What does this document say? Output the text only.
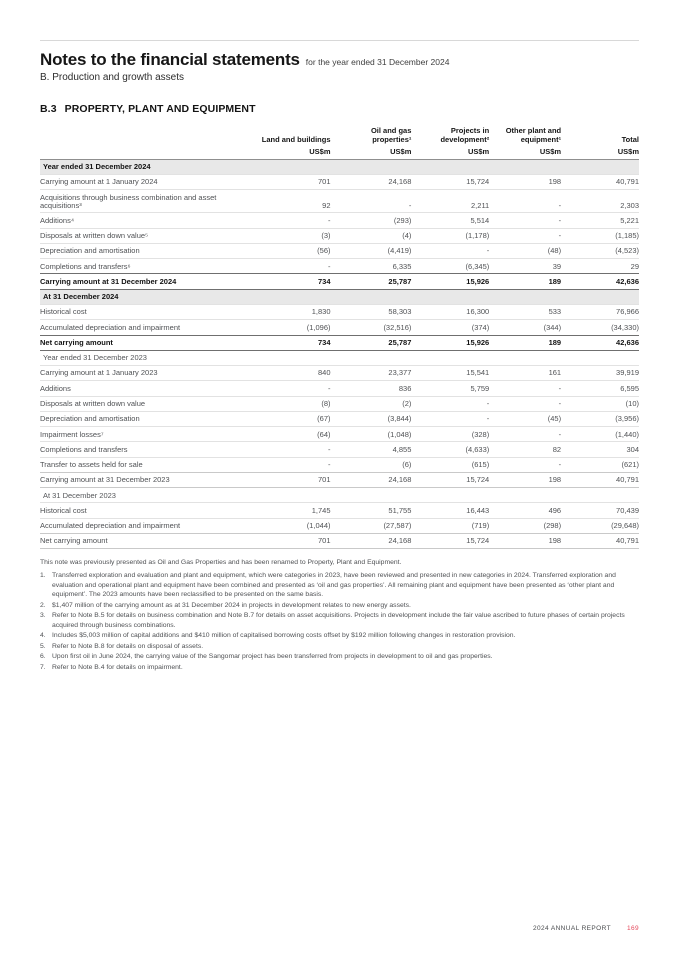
Notes to the financial statements for the year ended 31 December 2024
B. Production and growth assets
B.3 PROPERTY, PLANT AND EQUIPMENT
	Land and buildings	Oil and gas properties¹	Projects in development²	Other plant and equipment¹	Total
	US$m	US$m	US$m	US$m	US$m
Year ended 31 December 2024					
Carrying amount at 1 January 2024	701	24,168	15,724	198	40,791
Acquisitions through business combination and asset acquisitions³	92	-	2,211	-	2,303
Additions⁴	-	(293)	5,514	-	5,221
Disposals at written down value⁵	(3)	(4)	(1,178)	-	(1,185)
Depreciation and amortisation	(56)	(4,419)	-	(48)	(4,523)
Completions and transfers⁶	-	6,335	(6,345)	39	29
Carrying amount at 31 December 2024	734	25,787	15,926	189	42,636
At 31 December 2024					
Historical cost	1,830	58,303	16,300	533	76,966
Accumulated depreciation and impairment	(1,096)	(32,516)	(374)	(344)	(34,330)
Net carrying amount	734	25,787	15,926	189	42,636
Year ended 31 December 2023					
Carrying amount at 1 January 2023	840	23,377	15,541	161	39,919
Additions	-	836	5,759	-	6,595
Disposals at written down value	(8)	(2)	-	-	(10)
Depreciation and amortisation	(67)	(3,844)	-	(45)	(3,956)
Impairment losses⁷	(64)	(1,048)	(328)	-	(1,440)
Completions and transfers	-	4,855	(4,633)	82	304
Transfer to assets held for sale	-	(6)	(615)	-	(621)
Carrying amount at 31 December 2023	701	24,168	15,724	198	40,791
At 31 December 2023					
Historical cost	1,745	51,755	16,443	496	70,439
Accumulated depreciation and impairment	(1,044)	(27,587)	(719)	(298)	(29,648)
Net carrying amount	701	24,168	15,724	198	40,791
This note was previously presented as Oil and Gas Properties and has been renamed to Property, Plant and Equipment.
1. Transferred exploration and evaluation and plant and equipment, which were categories in 2023, have been reviewed and presented in new categories in 2024. Transferred exploration and evaluation and operational plant and equipment have been combined and presented as ‘oil and gas properties’. All remaining plant and equipment have been presented as ‘other plant and equipment’. The 2023 amounts have been reclassified to be presented on the same basis.
2. $1,407 million of the carrying amount as at 31 December 2024 in projects in development relates to new energy assets.
3. Refer to Note B.5 for details on business combination and Note B.7 for details on asset acquisitions. Projects in development include the fair value ascribed to future phases of certain projects acquired through business combinations.
4. Includes $5,003 million of capital additions and $410 million of capitalised borrowing costs offset by $192 million following changes in restoration provision.
5. Refer to Note B.8 for details on disposal of assets.
6. Upon first oil in June 2024, the carrying value of the Sangomar project has been transferred from projects in development to oil and gas properties.
7. Refer to Note B.4 for details on impairment.
2024 ANNUAL REPORT 169
